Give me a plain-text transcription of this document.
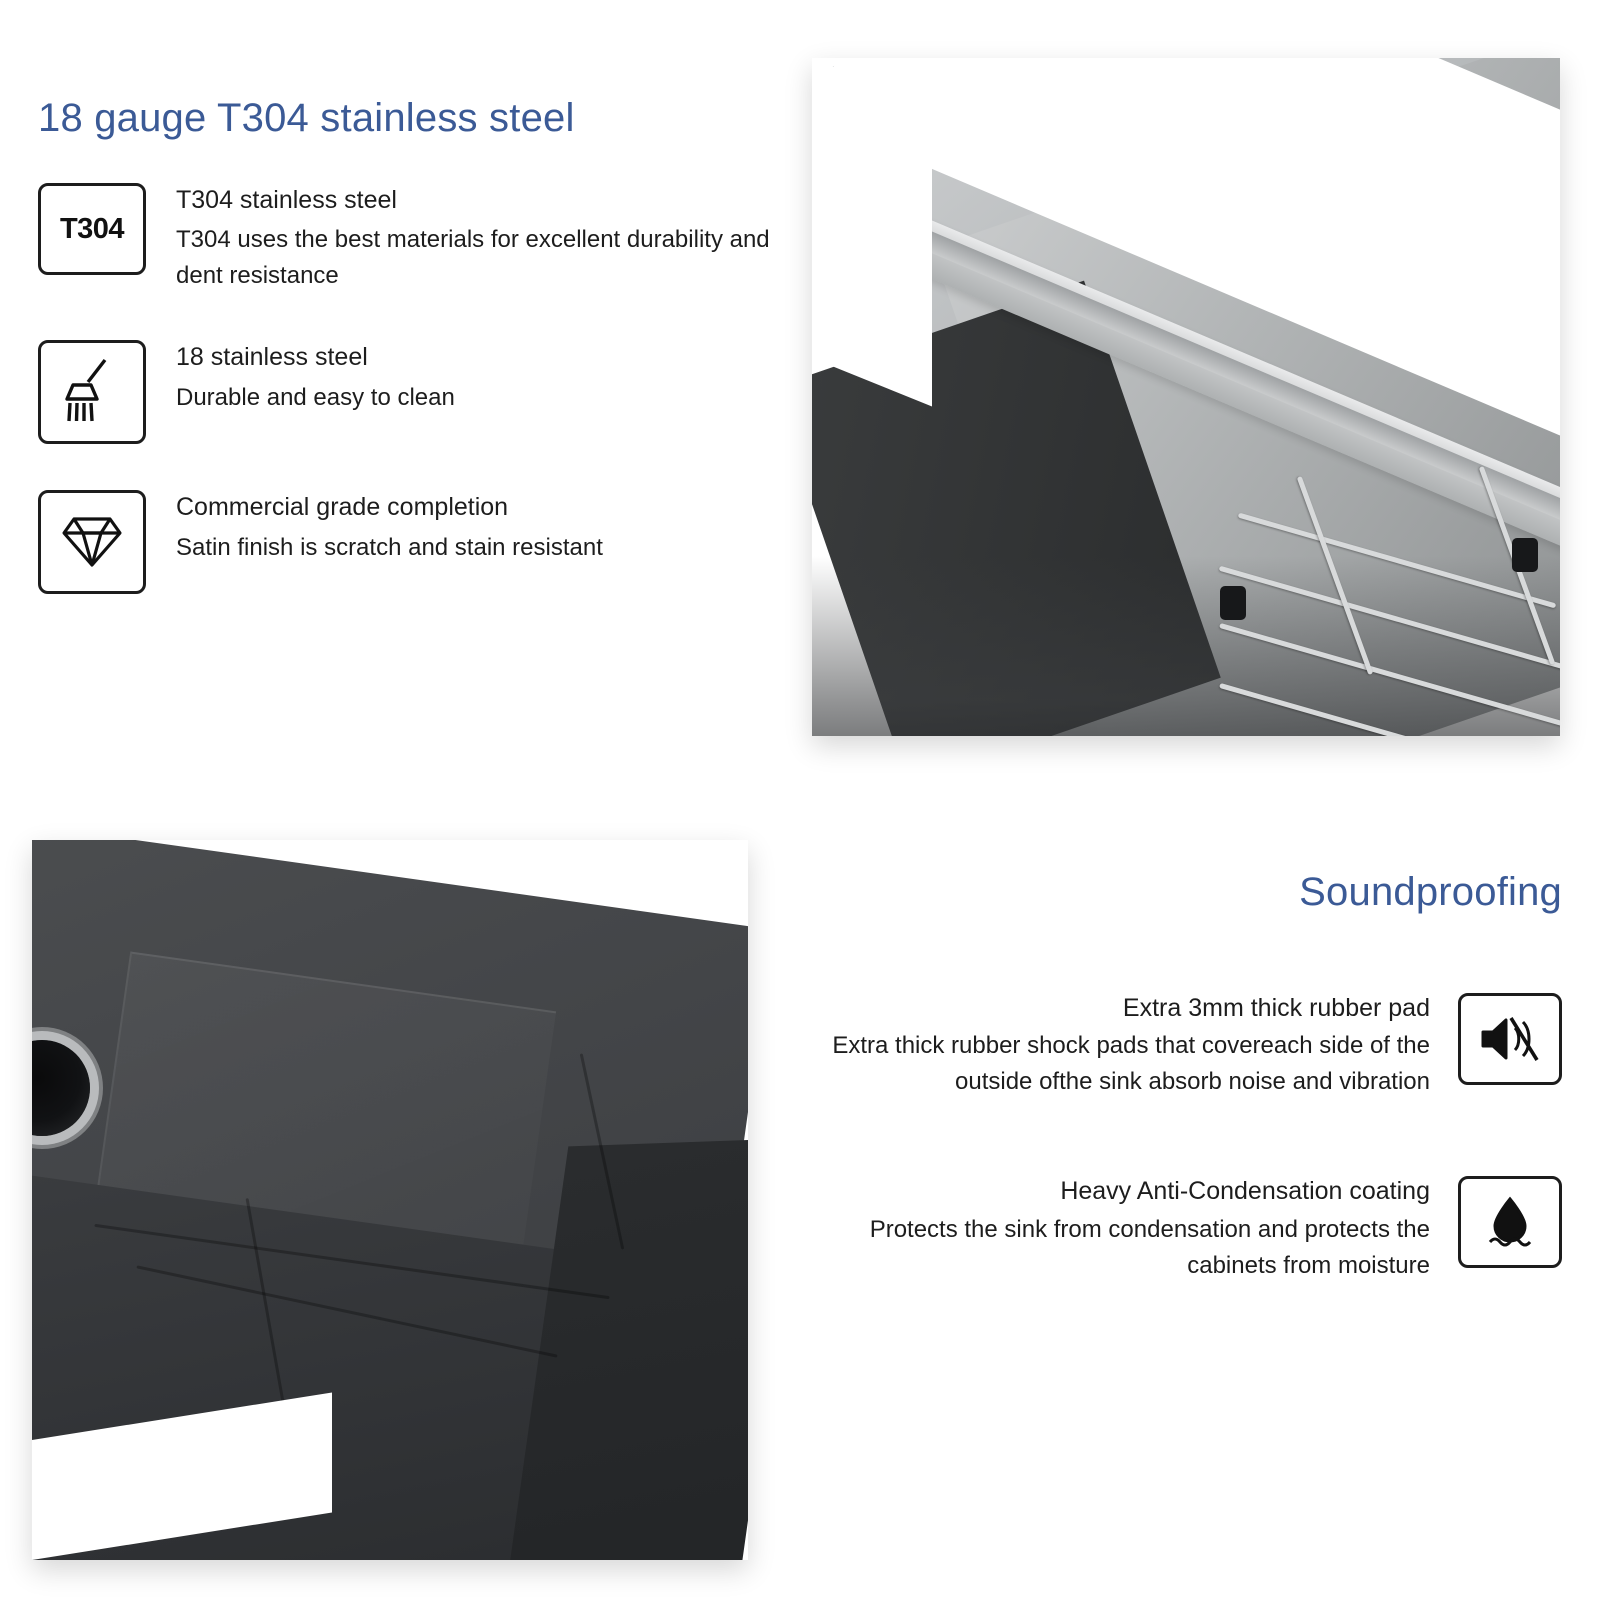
18 gauge T304 stainless steel
T304
T304 stainless steel
T304 uses the best materials for excellent durability and dent resistance
18 stainless steel
Durable and easy to clean
Commercial grade completion
Satin finish is scratch and stain resistant
Soundproofing
Extra 3mm thick rubber pad
Extra thick rubber shock pads that covereach side of the outside ofthe sink absorb noise and vibration
Heavy Anti-Condensation coating
Protects the sink from condensation and protects the cabinets from moisture
